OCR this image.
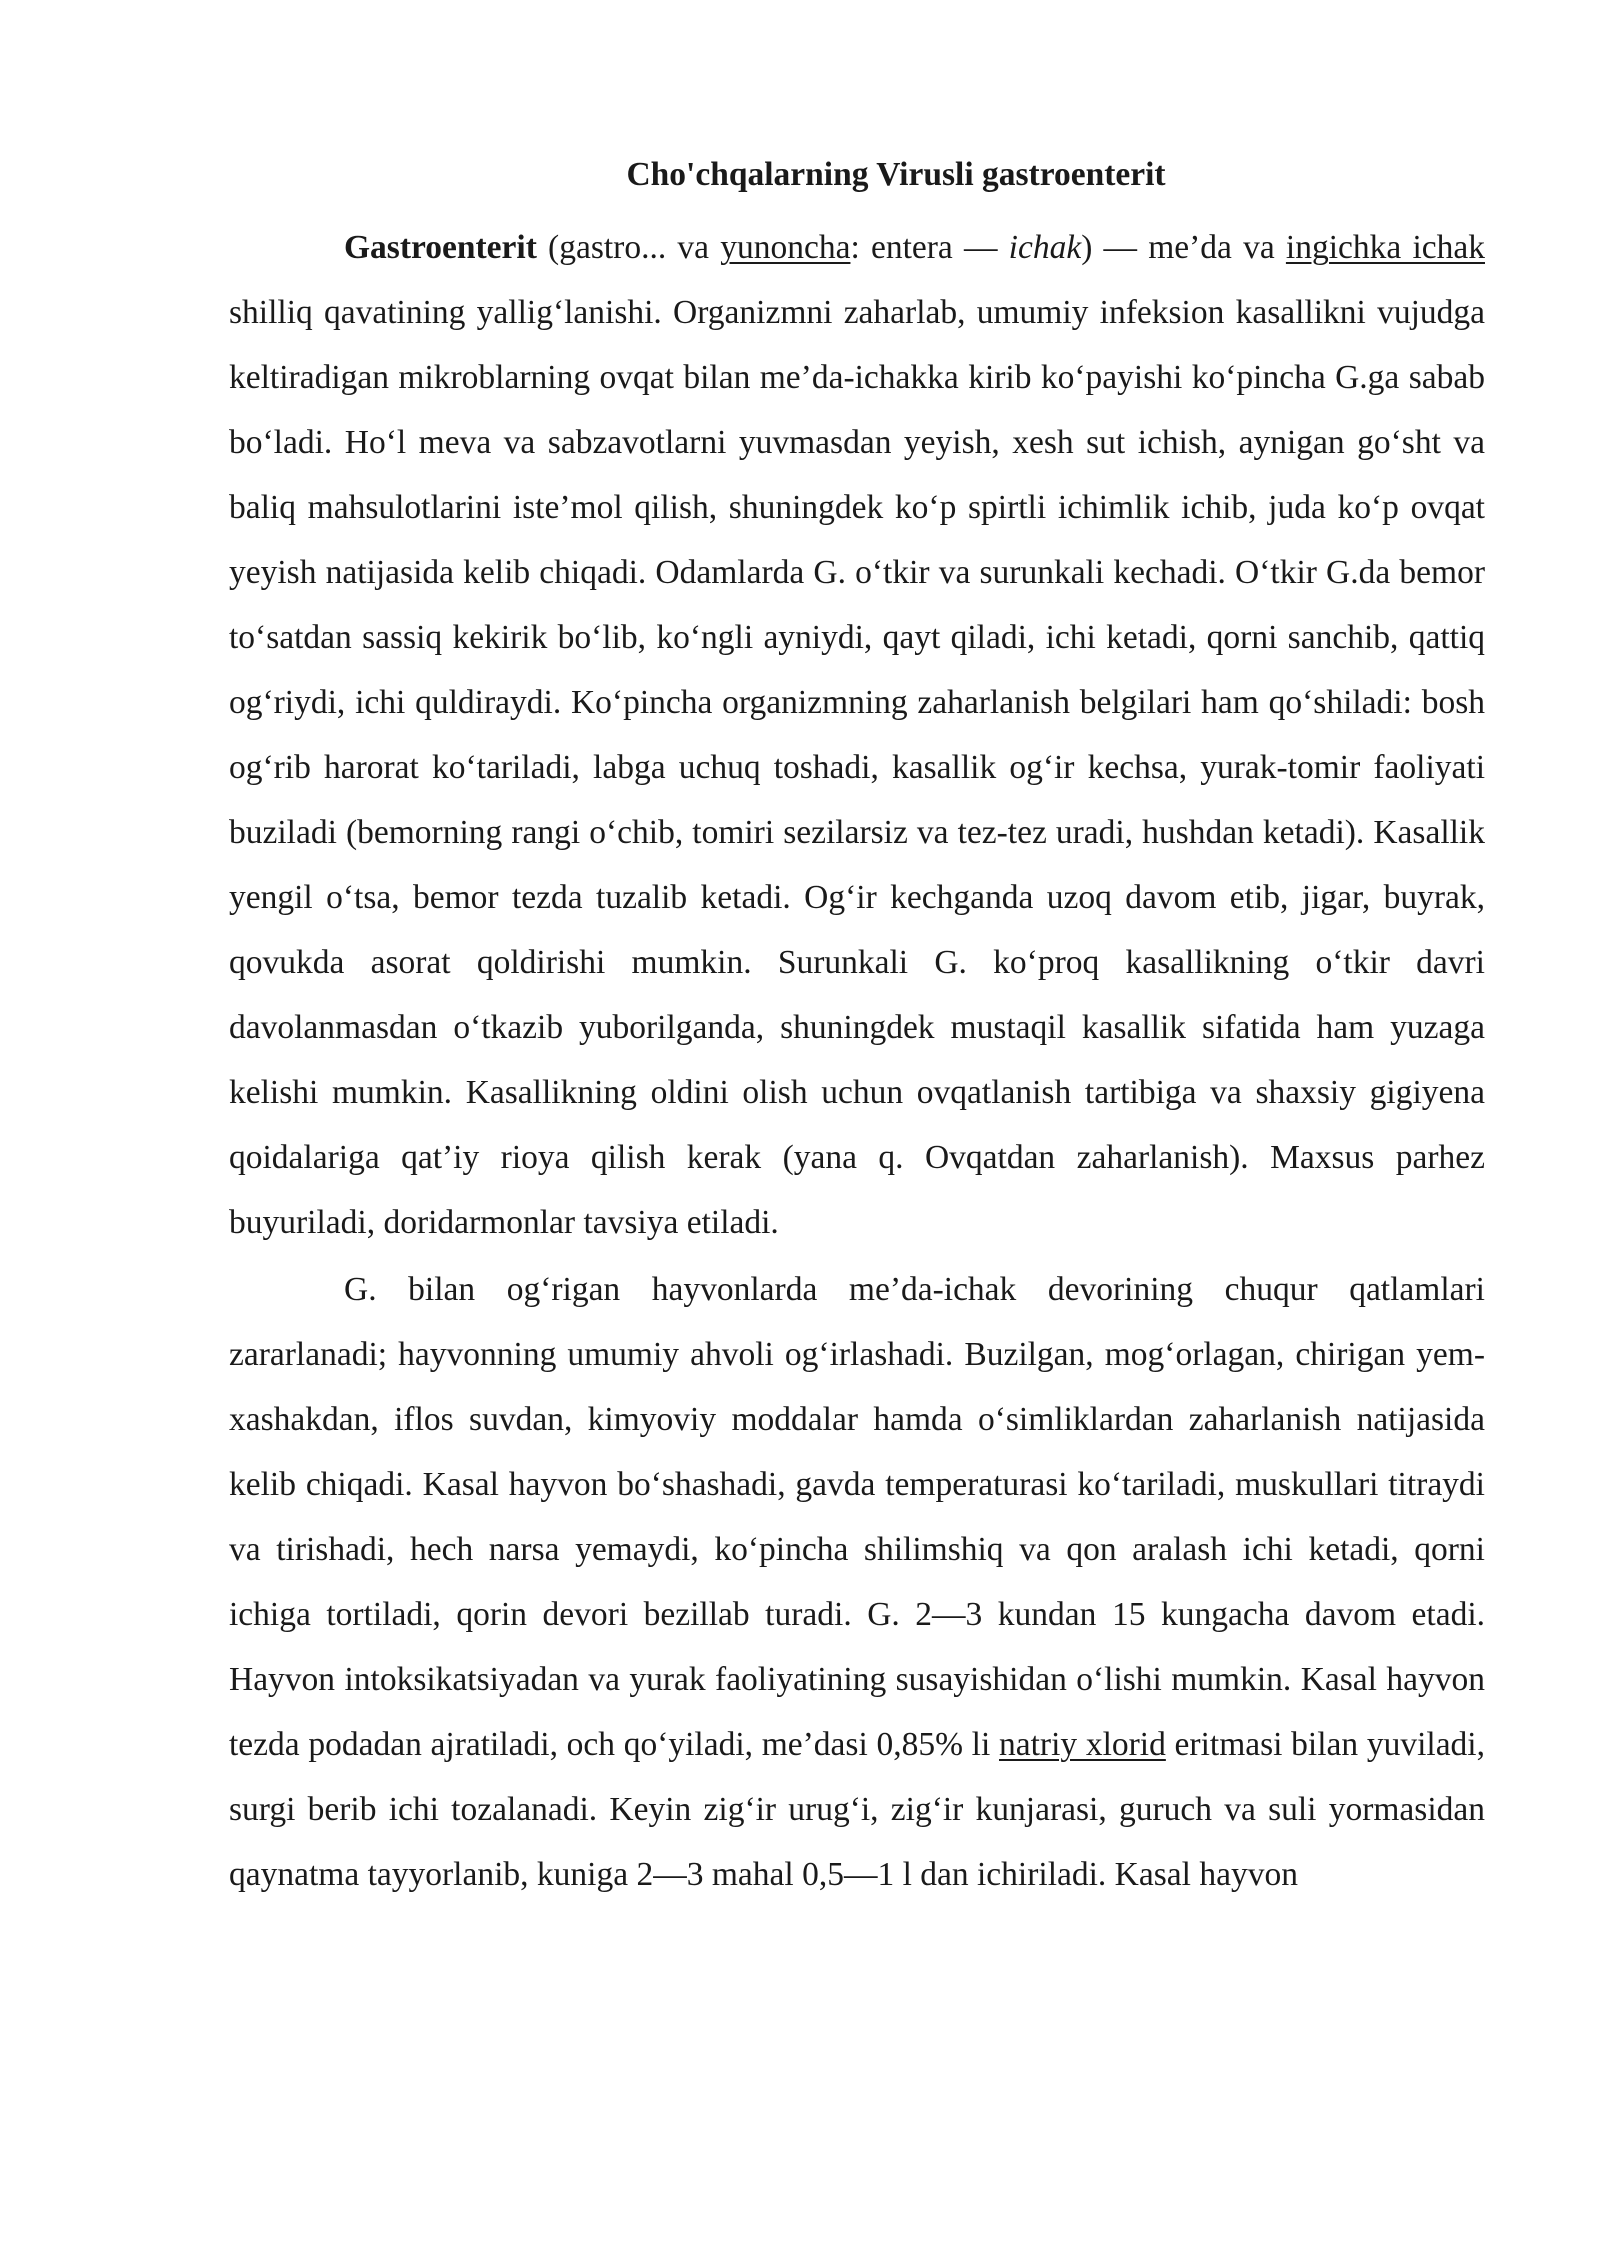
Cho'chqalarning Virusli gastroenterit

Gastroenterit (gastro... va yunoncha: entera — ichak) — me’da va ingichka ichak shilliq qavatining yallig‘lanishi. Organizmni zaharlab, umumiy infeksion kasallikni vujudga keltiradigan mikroblarning ovqat bilan me’da-ichakka kirib ko‘payishi ko‘pincha G.ga sabab bo‘ladi. Ho‘l meva va sabzavotlarni yuvmasdan yeyish, xesh sut ichish, aynigan go‘sht va baliq mahsulotlarini iste’mol qilish, shuningdek ko‘p spirtli ichimlik ichib, juda ko‘p ovqat yeyish natijasida kelib chiqadi. Odamlarda G. o‘tkir va surunkali kechadi. O‘tkir G.da bemor to‘satdan sassiq kekirik bo‘lib, ko‘ngli ayniydi, qayt qiladi, ichi ketadi, qorni sanchib, qattiq og‘riydi, ichi quldiraydi. Ko‘pincha organizmning zaharlanish belgilari ham qo‘shiladi: bosh og‘rib harorat ko‘tariladi, labga uchuq toshadi, kasallik og‘ir kechsa, yurak-tomir faoliyati buziladi (bemorning rangi o‘chib, tomiri sezilarsiz va tez-tez uradi, hushdan ketadi). Kasallik yengil o‘tsa, bemor tezda tuzalib ketadi. Og‘ir kechganda uzoq davom etib, jigar, buyrak, qovukda asorat qoldirishi mumkin. Surunkali G. ko‘proq kasallikning o‘tkir davri davolanmasdan o‘tkazib yuborilganda, shuningdek mustaqil kasallik sifatida ham yuzaga kelishi mumkin. Kasallikning oldini olish uchun ovqatlanish tartibiga va shaxsiy gigiyena qoidalariga qat’iy rioya qilish kerak (yana q. Ovqatdan zaharlanish). Maxsus parhez buyuriladi, doridarmonlar tavsiya etiladi.

G. bilan og‘rigan hayvonlarda me’da-ichak devorining chuqur qatlamlari zararlanadi; hayvonning umumiy ahvoli og‘irlashadi. Buzilgan, mog‘orlagan, chirigan yem-xashakdan, iflos suvdan, kimyoviy moddalar hamda o‘simliklardan zaharlanish natijasida kelib chiqadi. Kasal hayvon bo‘shashadi, gavda temperaturasi ko‘tariladi, muskullari titraydi va tirishadi, hech narsa yemaydi, ko‘pincha shilimshiq va qon aralash ichi ketadi, qorni ichiga tortiladi, qorin devori bezillab turadi. G. 2—3 kundan 15 kungacha davom etadi. Hayvon intoksikatsiyadan va yurak faoliyatining susayishidan o‘lishi mumkin. Kasal hayvon tezda podadan ajratiladi, och qo‘yiladi, me’dasi 0,85% li natriy xlorid eritmasi bilan yuviladi, surgi berib ichi tozalanadi. Keyin zig‘ir urug‘i, zig‘ir kunjarasi, guruch va suli yormasidan qaynatma tayyorlanib, kuniga 2—3 mahal 0,5—1 l dan ichiriladi. Kasal hayvon
